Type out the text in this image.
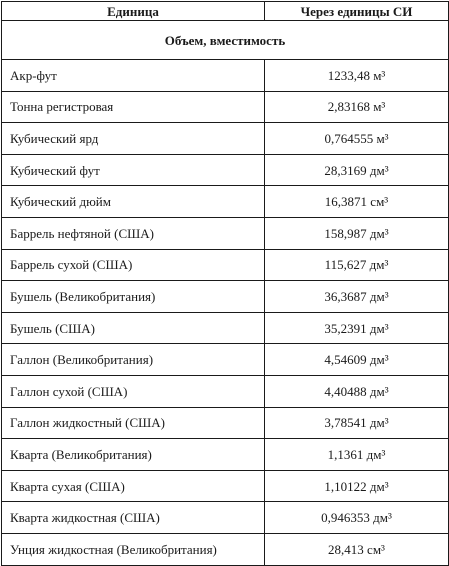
Единица	Через единицы СИ
Объем, вместимость	
Акр-фут	1233,48 м³
Тонна регистровая	2,83168 м³
Кубический ярд	0,764555 м³
Кубический фут	28,3169 дм³
Кубический дюйм	16,3871 см³
Баррель нефтяной (США)	158,987 дм³
Баррель сухой (США)	115,627 дм³
Бушель (Великобритания)	36,3687 дм³
Бушель (США)	35,2391 дм³
Галлон (Великобритания)	4,54609 дм³
Галлон сухой (США)	4,40488 дм³
Галлон жидкостный (США)	3,78541 дм³
Кварта (Великобритания)	1,1361 дм³
Кварта сухая (США)	1,10122 дм³
Кварта жидкостная (США)	0,946353 дм³
Унция жидкостная (Великобритания)	28,413 см³
